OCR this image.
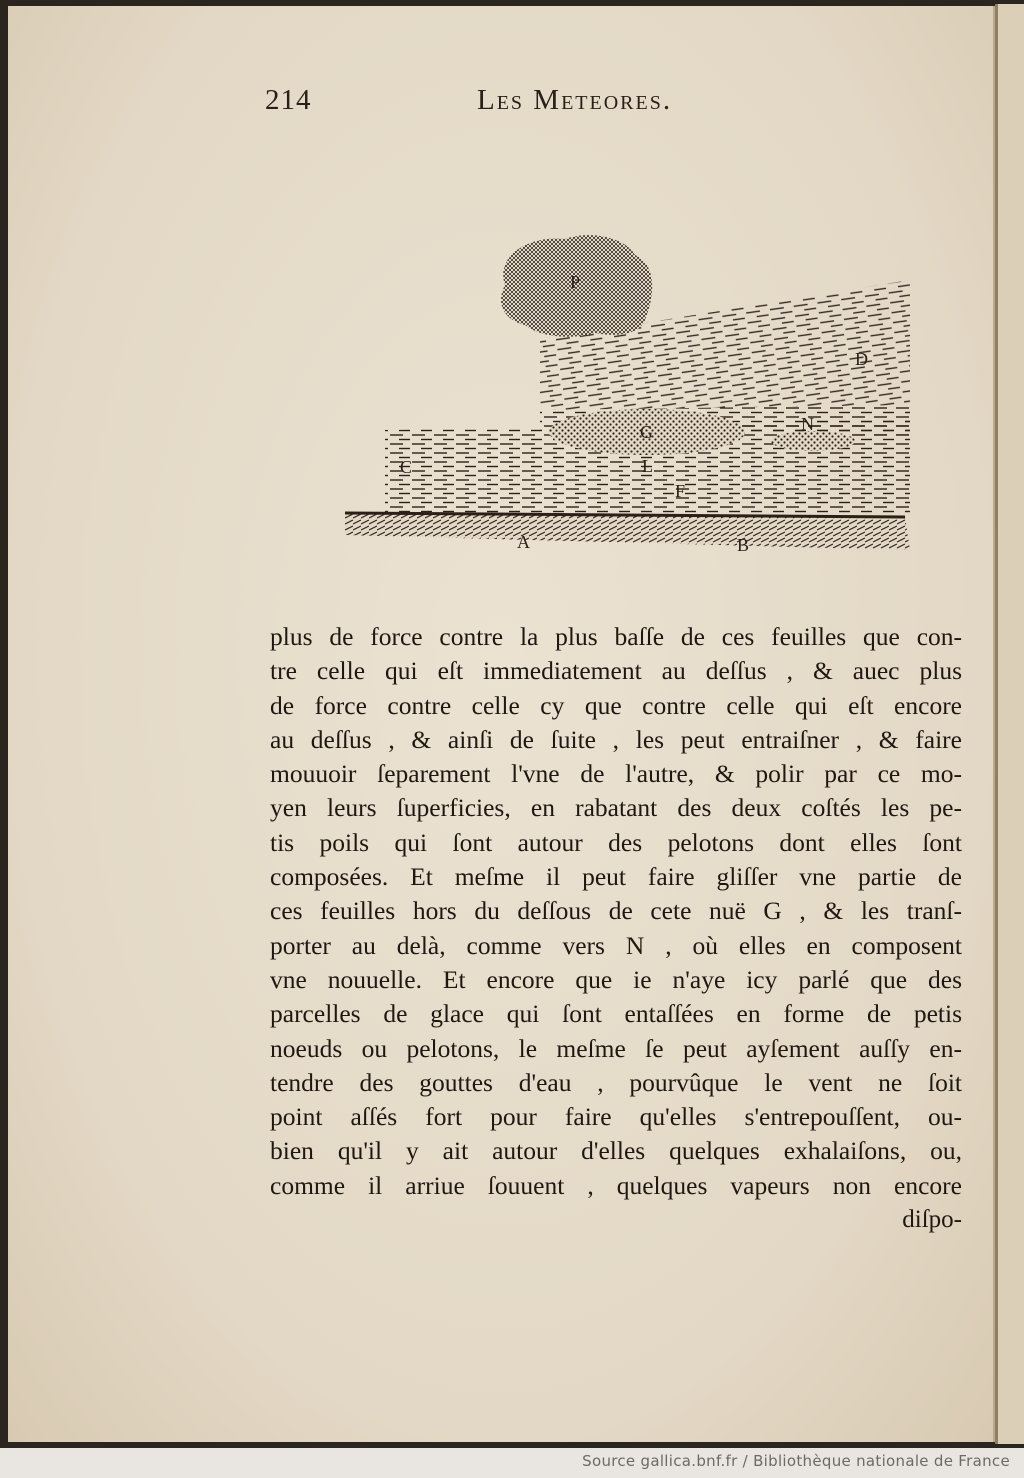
214	Les Meteores.
P
D
G	N
C	L
F
A	B
plus de force contre la plus baſſe de ces feuilles que con-
tre celle qui eſt immediatement au deſſus , & auec plus
de force contre celle cy que contre celle qui eſt encore
au deſſus , & ainſi de ſuite , les peut entraiſner , & faire
mouuoir ſeparement l'vne de l'autre, & polir par ce mo-
yen leurs ſuperficies, en rabatant des deux coſtés les pe-
tis poils qui ſont autour des pelotons dont elles ſont
composées. Et meſme il peut faire gliſſer vne partie de
ces feuilles hors du deſſous de cete nuë G , & les tranſ-
porter au delà, comme vers N , où elles en composent
vne nouuelle. Et encore que ie n'aye icy parlé que des
parcelles de glace qui ſont entaſſées en forme de petis
noeuds ou pelotons, le meſme ſe peut ayſement auſſy en-
tendre des gouttes d'eau , pourvûque le vent ne ſoit
point aſſés fort pour faire qu'elles s'entrepouſſent, ou-
bien qu'il y ait autour d'elles quelques exhalaiſons, ou,
comme il arriue ſouuent , quelques vapeurs non encore
diſpo-
Source gallica.bnf.fr / Bibliothèque nationale de France
